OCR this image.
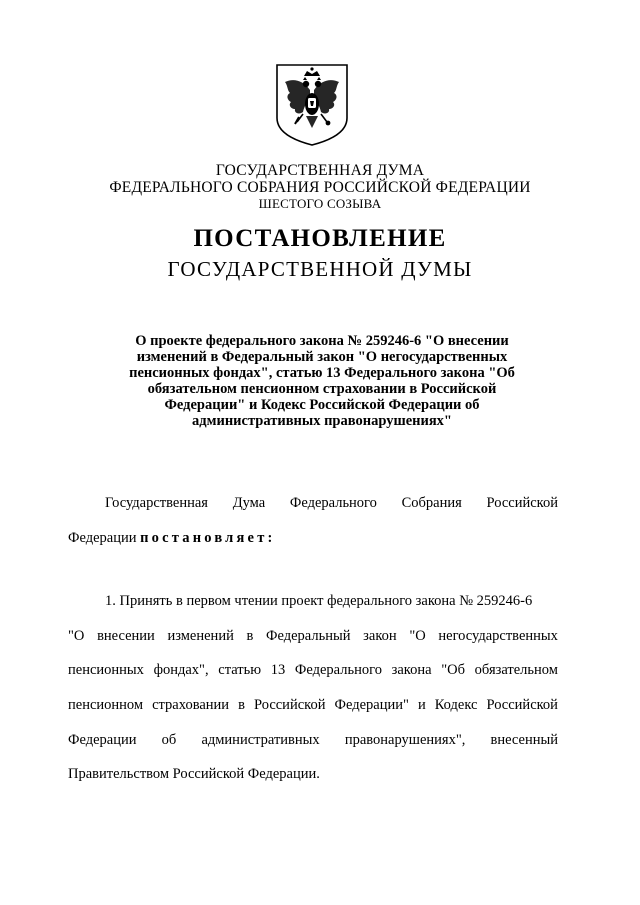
ГОСУДАРСТВЕННАЯ ДУМА
ФЕДЕРАЛЬНОГО СОБРАНИЯ РОССИЙСКОЙ ФЕДЕРАЦИИ
ШЕСТОГО СОЗЫВА
ПОСТАНОВЛЕНИЕ
ГОСУДАРСТВЕННОЙ ДУМЫ
О проекте федерального закона № 259246-6 "О внесении
изменений в Федеральный закон "О негосударственных
пенсионных фондах", статью 13 Федерального закона "Об
обязательном пенсионном страховании в Российской
Федерации" и Кодекс Российской Федерации об
административных правонарушениях"
Государственная Дума Федерального Собрания Российской
Федерации постановляет:
1. Принять в первом чтении проект федерального закона № 259246-6
"О внесении изменений в Федеральный закон "О негосударственных
пенсионных фондах", статью 13 Федерального закона "Об обязательном
пенсионном страховании в Российской Федерации" и Кодекс Российской
Федерации об административных правонарушениях", внесенный
Правительством Российской Федерации.
